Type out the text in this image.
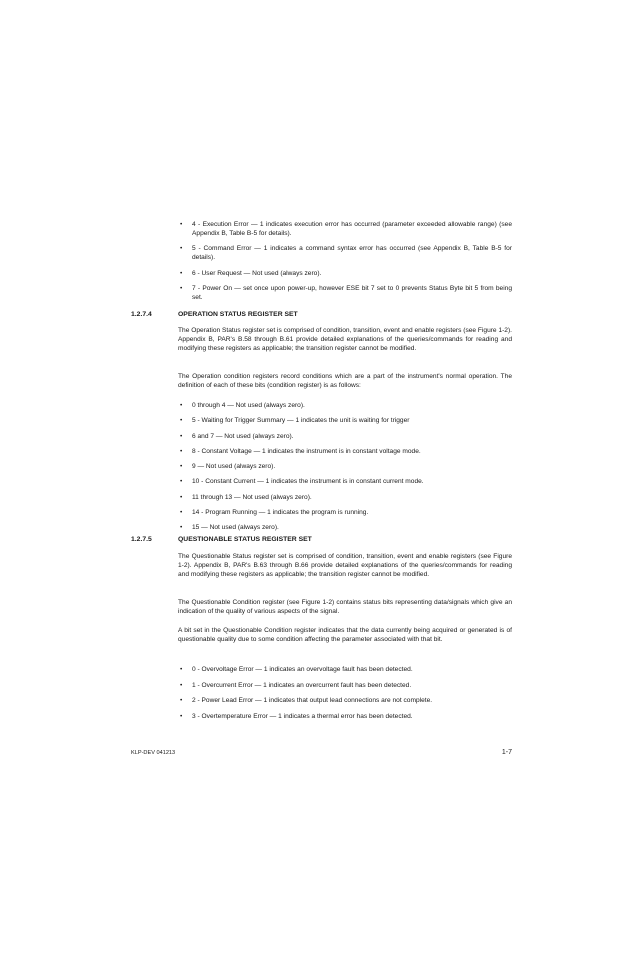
• 4 - Execution Error — 1 indicates execution error has occurred (parameter exceeded allowable range) (see Appendix B, Table B-5 for details).
• 5 - Command Error — 1 indicates a command syntax error has occurred (see Appendix B, Table B-5 for details).
• 6 - User Request — Not used (always zero).
• 7 - Power On — set once upon power-up, however ESE bit 7 set to 0 prevents Status Byte bit 5 from being set.
1.2.7.4	OPERATION STATUS REGISTER SET

The Operation Status register set is comprised of condition, transition, event and enable registers (see Figure 1-2). Appendix B, PAR's B.58 through B.61 provide detailed explanations of the queries/commands for reading and modifying these registers as applicable; the transition register cannot be modified.

The Operation condition registers record conditions which are a part of the instrument's normal operation. The definition of each of these bits (condition register) is as follows:

• 0 through 4 — Not used (always zero).
• 5 - Waiting for Trigger Summary — 1 indicates the unit is waiting for trigger
• 6 and 7 — Not used (always zero).
• 8 - Constant Voltage — 1 indicates the instrument is in constant voltage mode.
• 9 — Not used (always zero).
• 10 - Constant Current — 1 indicates the instrument is in constant current mode.
• 11 through 13 — Not used (always zero).
• 14 - Program Running — 1 indicates the program is running.
• 15 — Not used (always zero).
1.2.7.5	QUESTIONABLE STATUS REGISTER SET

The Questionable Status register set is comprised of condition, transition, event and enable registers (see Figure 1-2). Appendix B, PAR's B.63 through B.66 provide detailed explanations of the queries/commands for reading and modifying these registers as applicable; the transition register cannot be modified.

The Questionable Condition register (see Figure 1-2) contains status bits representing data/signals which give an indication of the quality of various aspects of the signal.

A bit set in the Questionable Condition register indicates that the data currently being acquired or generated is of questionable quality due to some condition affecting the parameter associated with that bit.

• 0 - Overvoltage Error — 1 indicates an overvoltage fault has been detected.
• 1 - Overcurrent Error — 1 indicates an overcurrent fault has been detected.
• 2 - Power Lead Error — 1 indicates that output lead connections are not complete.
• 3 - Overtemperature Error — 1 indicates a thermal error has been detected.
KLP-DEV 041213	1-7
